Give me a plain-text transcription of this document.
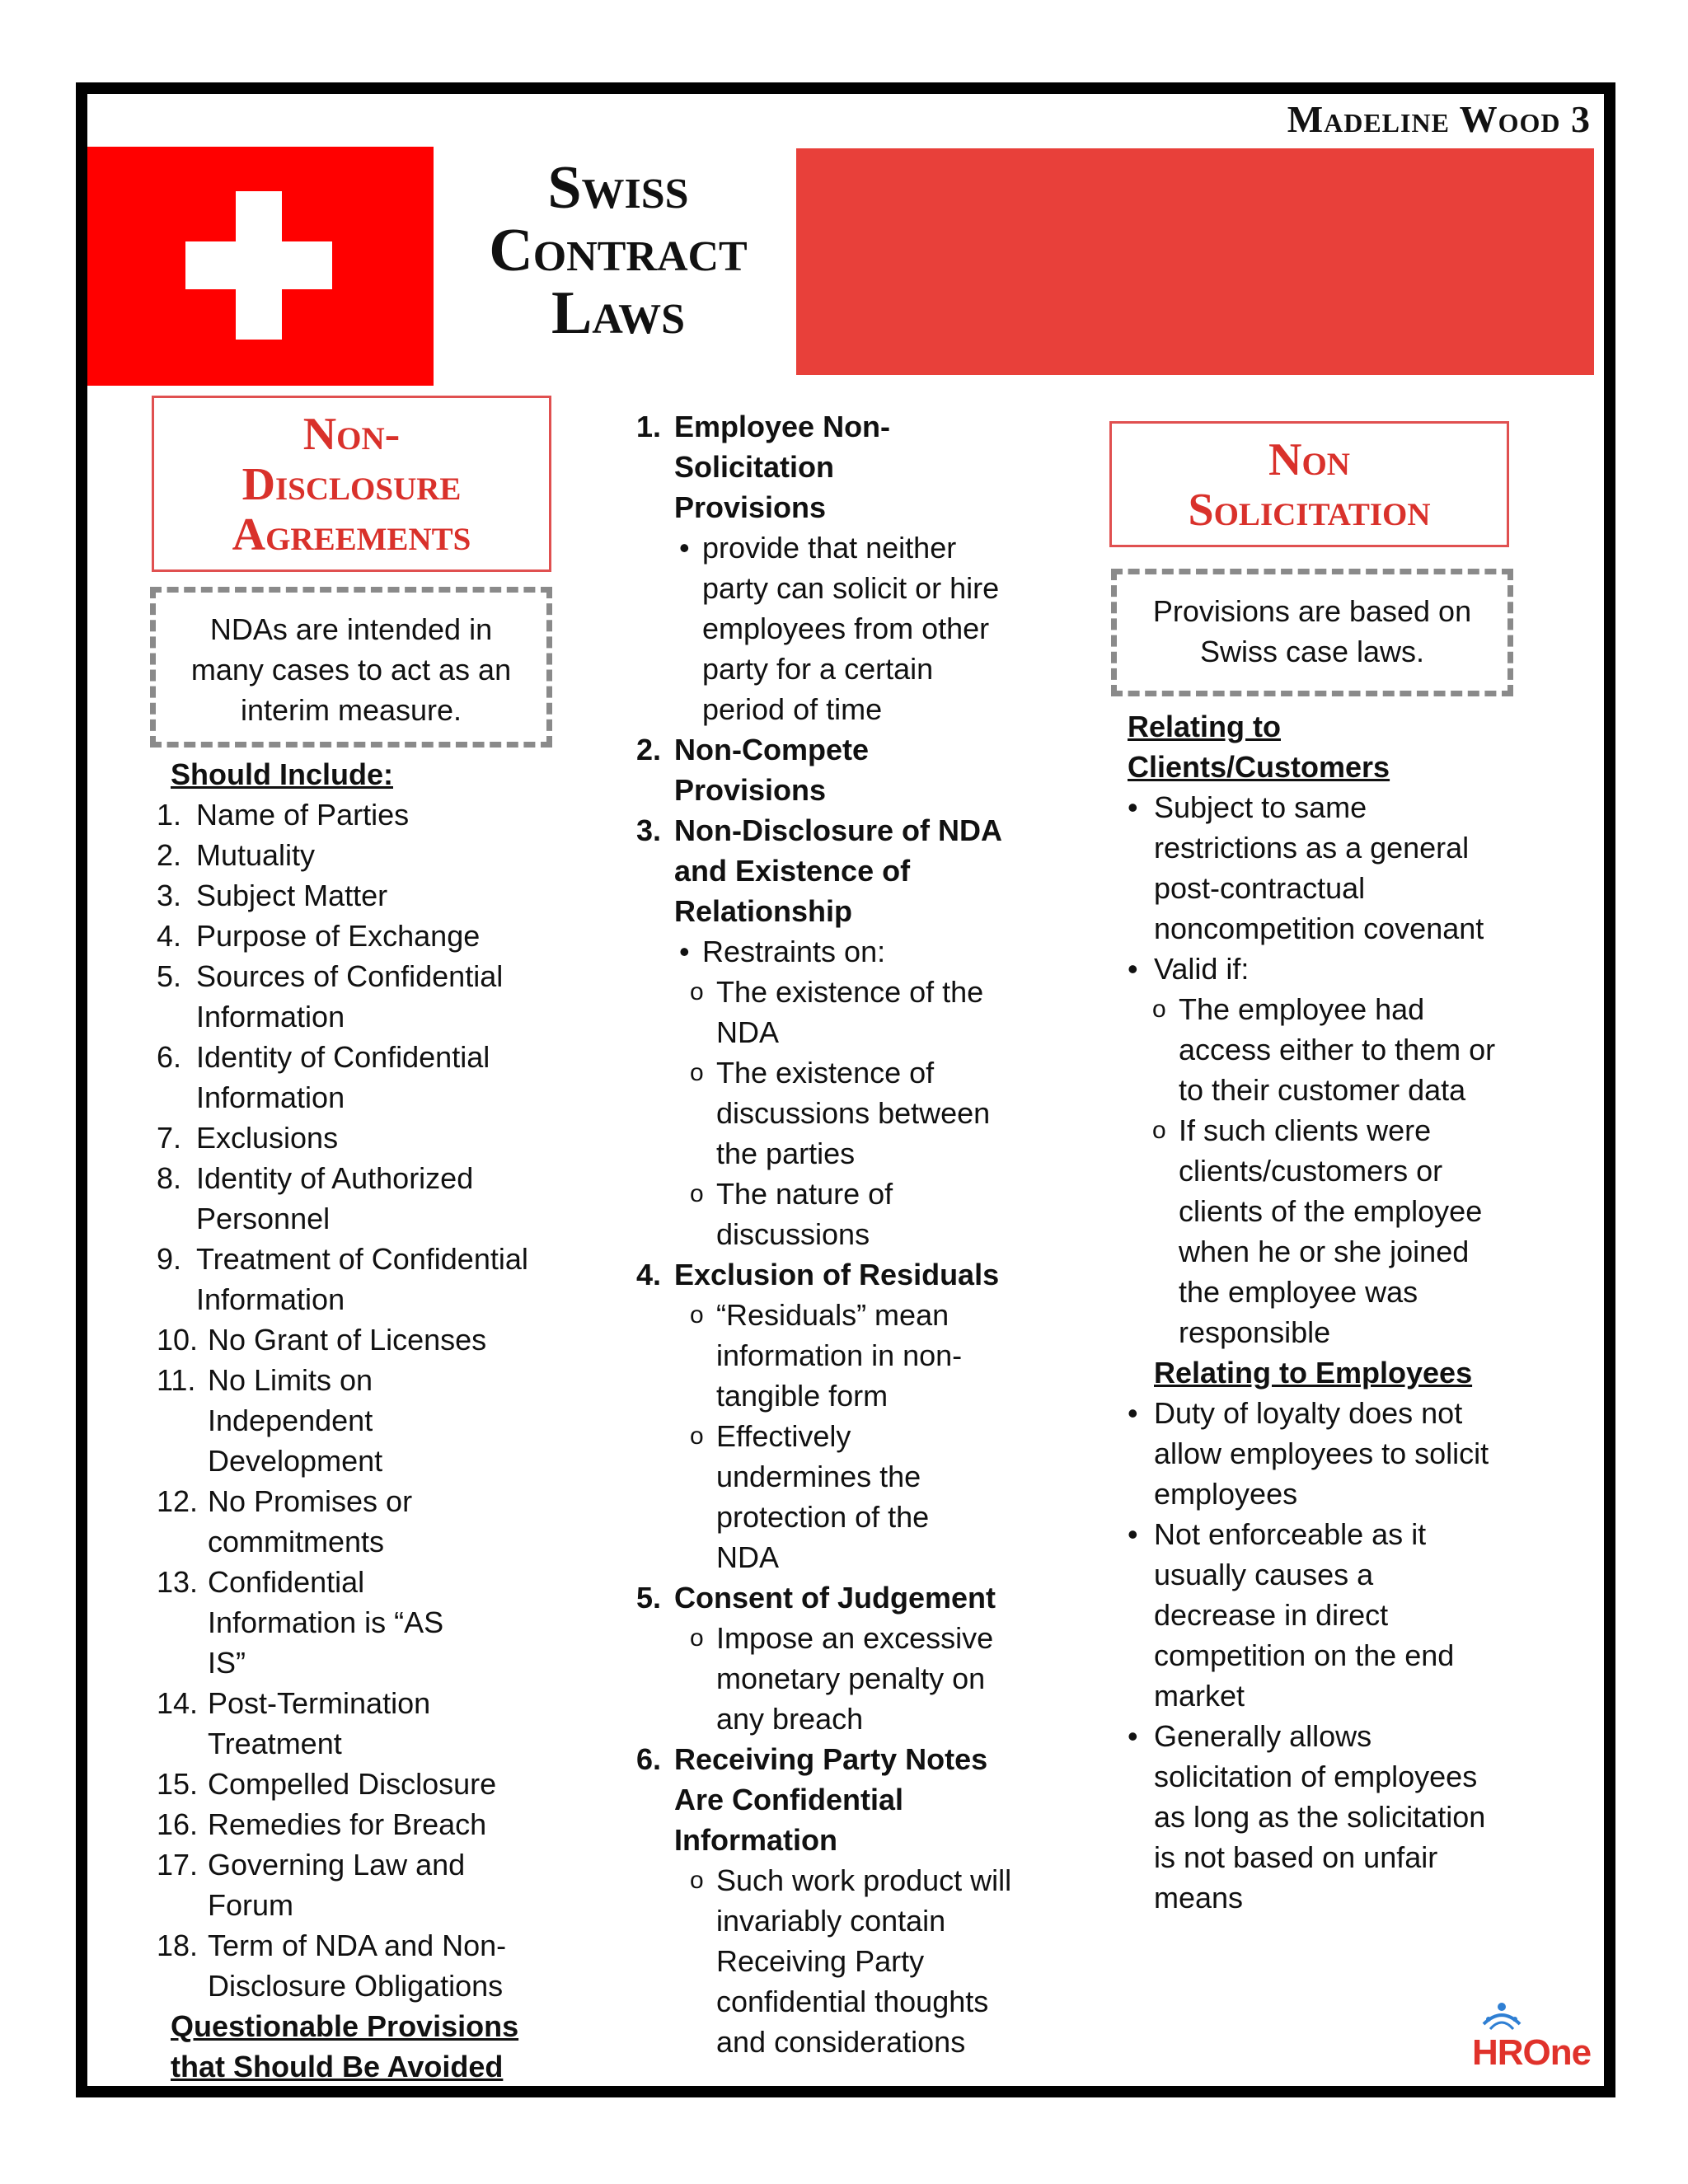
Madeline Wood 3
Swiss
Contract
Laws
Non-
Disclosure
Agreements
NDAs are intended in many cases to act as an interim measure.
Should Include:
1. Name of Parties
2. Mutuality
3. Subject Matter
4. Purpose of Exchange
5. Sources of Confidential Information
6. Identity of Confidential Information
7. Exclusions
8. Identity of Authorized Personnel
9. Treatment of Confidential Information
10. No Grant of Licenses
11. No Limits on Independent Development
12. No Promises or commitments
13. Confidential Information is “AS IS”
14. Post-Termination Treatment
15. Compelled Disclosure
16. Remedies for Breach
17. Governing Law and Forum
18. Term of NDA and Non-Disclosure Obligations
Questionable Provisions that Should Be Avoided
1. Employee Non-Solicitation Provisions
• provide that neither party can solicit or hire employees from other party for a certain period of time
2. Non-Compete Provisions
3. Non-Disclosure of NDA and Existence of Relationship
• Restraints on:
o The existence of the NDA
o The existence of discussions between the parties
o The nature of discussions
4. Exclusion of Residuals
o “Residuals” mean information in non-tangible form
o Effectively undermines the protection of the NDA
5. Consent of Judgement
o Impose an excessive monetary penalty on any breach
6. Receiving Party Notes Are Confidential Information
o Such work product will invariably contain Receiving Party confidential thoughts and considerations
Non
Solicitation
Provisions are based on Swiss case laws.
Relating to Clients/Customers
• Subject to same restrictions as a general post-contractual noncompetition covenant
• Valid if:
o The employee had access either to them or to their customer data
o If such clients were clients/customers or clients of the employee when he or she joined the employee was responsible
Relating to Employees
• Duty of loyalty does not allow employees to solicit employees
• Not enforceable as it usually causes a decrease in direct competition on the end market
• Generally allows solicitation of employees as long as the solicitation is not based on unfair means
HROne
